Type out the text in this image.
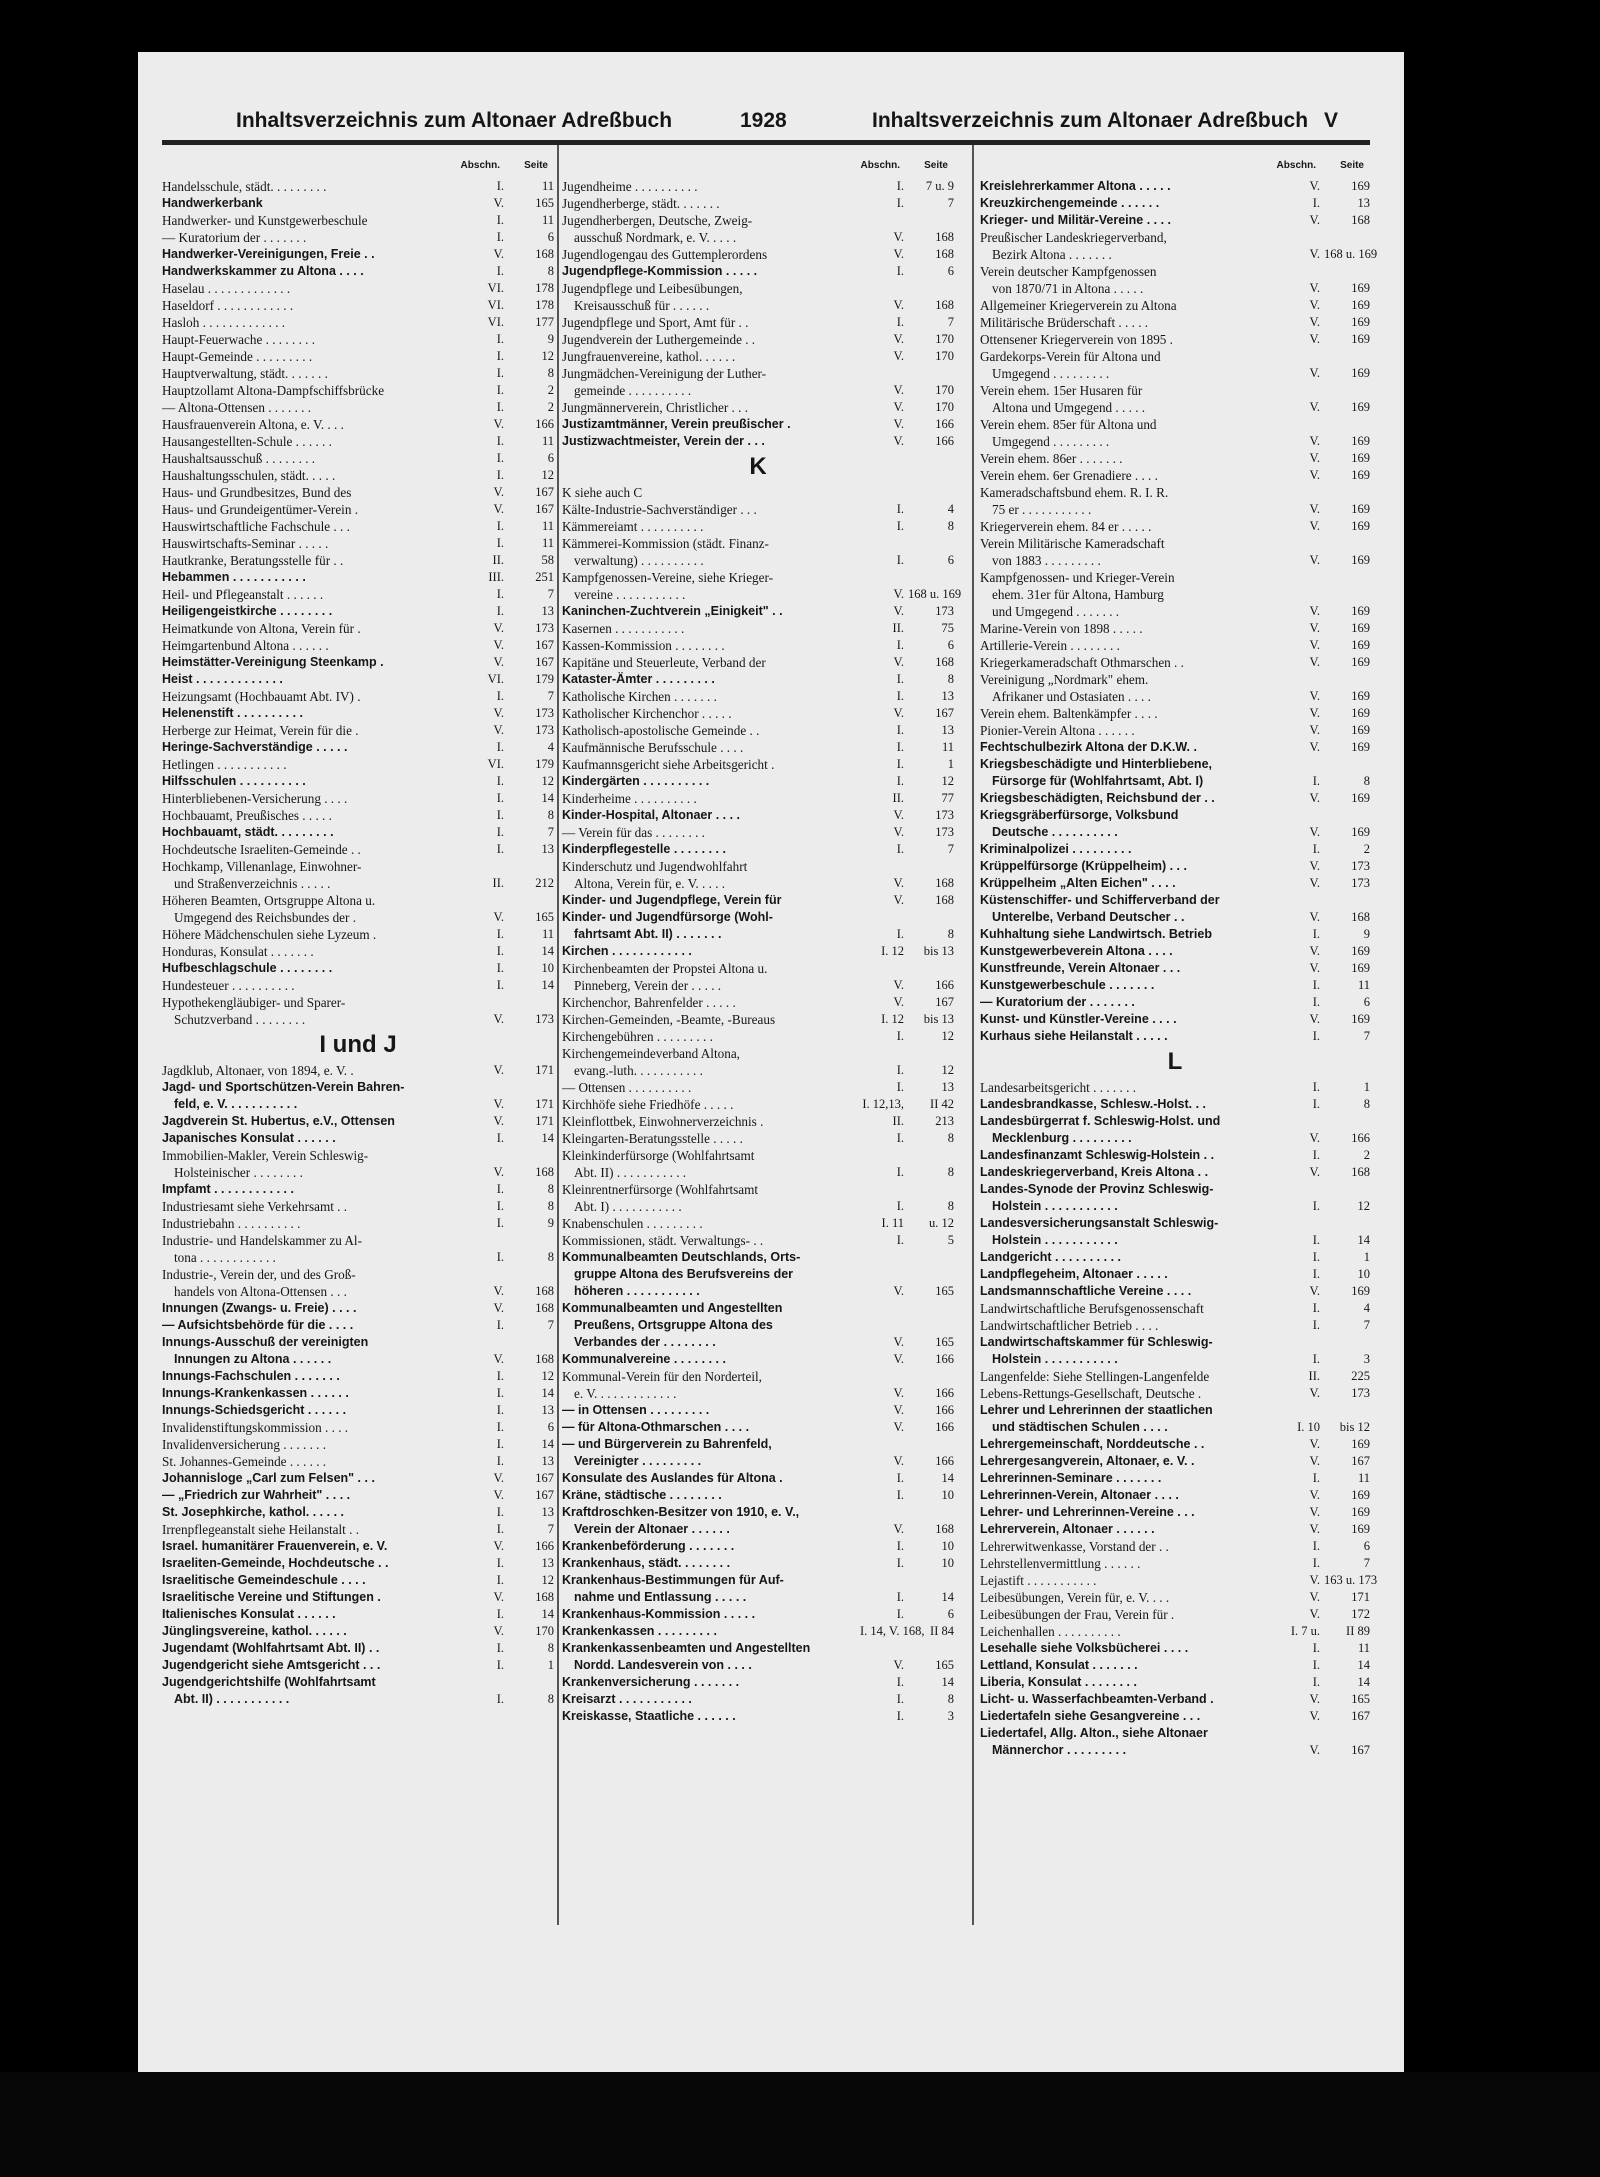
Inhaltsverzeichnis zum Altonaer Adreßbuch	1928	Inhaltsverzeichnis zum Altonaer Adreßbuch V
Abschn. Seite
Handelsschule, städt. . . . . . . . .	I.	11
Handwerkerbank	V.	165
Handwerker- und Kunstgewerbeschule	I.	11
— Kuratorium der . . . . . . .	I.	6
Handwerker-Vereinigungen, Freie . .	V.	168
Handwerkskammer zu Altona . . . .	I.	8
Haselau . . . . . . . . . . . . .	VI.	178
Haseldorf . . . . . . . . . . . .	VI.	178
Hasloh . . . . . . . . . . . . .	VI.	177
Haupt-Feuerwache . . . . . . . .	I.	9
Haupt-Gemeinde . . . . . . . . .	I.	12
Hauptverwaltung, städt. . . . . . .	I.	8
Hauptzollamt Altona-Dampfschiffsbrücke	I.	2
— Altona-Ottensen . . . . . . .	I.	2
Hausfrauenverein Altona, e. V. . . .	V.	166
Hausangestellten-Schule . . . . . .	I.	11
Haushaltsausschuß . . . . . . . .	I.	6
Haushaltungsschulen, städt. . . . .	I.	12
Haus- und Grundbesitzes, Bund des	V.	167
Haus- und Grundeigentümer-Verein .	V.	167
Hauswirtschaftliche Fachschule . . .	I.	11
Hauswirtschafts-Seminar . . . . .	I.	11
Hautkranke, Beratungsstelle für . .	II.	58
Hebammen . . . . . . . . . . .	III.	251
Heil- und Pflegeanstalt . . . . . .	I.	7
Heiligengeistkirche . . . . . . . .	I.	13
Heimatkunde von Altona, Verein für .	V.	173
Heimgartenbund Altona . . . . . .	V.	167
Heimstätter-Vereinigung Steenkamp .	V.	167
Heist . . . . . . . . . . . . .	VI.	179
Heizungsamt (Hochbauamt Abt. IV) .	I.	7
Helenenstift . . . . . . . . . .	V.	173
Herberge zur Heimat, Verein für die .	V.	173
Heringe-Sachverständige . . . . .	I.	4
Hetlingen . . . . . . . . . . .	VI.	179
Hilfsschulen . . . . . . . . . .	I.	12
Hinterbliebenen-Versicherung . . . .	I.	14
Hochbauamt, Preußisches . . . . .	I.	8
Hochbauamt, städt. . . . . . . . .	I.	7
Hochdeutsche Israeliten-Gemeinde . .	I.	13
Hochkamp, Villenanlage, Einwohner-
und Straßenverzeichnis . . . . .	II.	212
Höheren Beamten, Ortsgruppe Altona u.
Umgegend des Reichsbundes der .	V.	165
Höhere Mädchenschulen siehe Lyzeum .	I.	11
Honduras, Konsulat . . . . . . .	I.	14
Hufbeschlagschule . . . . . . . .	I.	10
Hundesteuer . . . . . . . . . .	I.	14
Hypothekengläubiger- und Sparer-
Schutzverband . . . . . . . .	V.	173
I und J
Jagdklub, Altonaer, von 1894, e. V. .	V.	171
Jagd- und Sportschützen-Verein Bahren-
feld, e. V. . . . . . . . . . .	V.	171
Jagdverein St. Hubertus, e.V., Ottensen	V.	171
Japanisches Konsulat . . . . . .	I.	14
Immobilien-Makler, Verein Schleswig-
Holsteinischer . . . . . . . .	V.	168
Impfamt . . . . . . . . . . . .	I.	8
Industriesamt siehe Verkehrsamt . .	I.	8
Industriebahn . . . . . . . . . .	I.	9
Industrie- und Handelskammer zu Al-
tona . . . . . . . . . . . .	I.	8
Industrie-, Verein der, und des Groß-
handels von Altona-Ottensen . . .	V.	168
Innungen (Zwangs- u. Freie) . . . .	V.	168
— Aufsichtsbehörde für die . . . .	I.	7
Innungs-Ausschuß der vereinigten
Innungen zu Altona . . . . . .	V.	168
Innungs-Fachschulen . . . . . . .	I.	12
Innungs-Krankenkassen . . . . . .	I.	14
Innungs-Schiedsgericht . . . . . .	I.	13
Invalidenstiftungskommission . . . .	I.	6
Invalidenversicherung . . . . . . .	I.	14
St. Johannes-Gemeinde . . . . . .	I.	13
Johannisloge „Carl zum Felsen" . . .	V.	167
— „Friedrich zur Wahrheit" . . . .	V.	167
St. Josephkirche, kathol. . . . . .	I.	13
Irrenpflegeanstalt siehe Heilanstalt . .	I.	7
Israel. humanitärer Frauenverein, e. V.	V.	166
Israeliten-Gemeinde, Hochdeutsche . .	I.	13
Israelitische Gemeindeschule . . . .	I.	12
Israelitische Vereine und Stiftungen .	V.	168
Italienisches Konsulat . . . . . .	I.	14
Jünglingsvereine, kathol. . . . . .	V.	170
Jugendamt (Wohlfahrtsamt Abt. II) . .	I.	8
Jugendgericht siehe Amtsgericht . . .	I.	1
Jugendgerichtshilfe (Wohlfahrtsamt
Abt. II) . . . . . . . . . . .	I.	8
Abschn. Seite
Jugendheime . . . . . . . . . .	I.	7 u. 9
Jugendherberge, städt. . . . . . .	I.	7
Jugendherbergen, Deutsche, Zweig-
ausschuß Nordmark, e. V. . . . .	V.	168
Jugendlogengau des Guttemplerordens	V.	168
Jugendpflege-Kommission . . . . .	I.	6
Jugendpflege und Leibesübungen,
Kreisausschuß für . . . . . .	V.	168
Jugendpflege und Sport, Amt für . .	I.	7
Jugendverein der Luthergemeinde . .	V.	170
Jungfrauenvereine, kathol. . . . . .	V.	170
Jungmädchen-Vereinigung der Luther-
gemeinde . . . . . . . . . .	V.	170
Jungmännerverein, Christlicher . . .	V.	170
Justizamtmänner, Verein preußischer .	V.	166
Justizwachtmeister, Verein der . . .	V.	166
K
K siehe auch C
Kälte-Industrie-Sachverständiger . . .	I.	4
Kämmereiamt . . . . . . . . . .	I.	8
Kämmerei-Kommission (städt. Finanz-
verwaltung) . . . . . . . . . .	I.	6
Kampfgenossen-Vereine, siehe Krieger-
vereine . . . . . . . . . . .	V. 168 u. 169
Kaninchen-Zuchtverein „Einigkeit" . .	V.	173
Kasernen . . . . . . . . . . .	II.	75
Kassen-Kommission . . . . . . . .	I.	6
Kapitäne und Steuerleute, Verband der	V.	168
Kataster-Ämter . . . . . . . . .	I.	8
Katholische Kirchen . . . . . . .	I.	13
Katholischer Kirchenchor . . . . .	V.	167
Katholisch-apostolische Gemeinde . .	I.	13
Kaufmännische Berufsschule . . . .	I.	11
Kaufmannsgericht siehe Arbeitsgericht .	I.	1
Kindergärten . . . . . . . . . .	I.	12
Kinderheime . . . . . . . . . .	II.	77
Kinder-Hospital, Altonaer . . . .	V.	173
— Verein für das . . . . . . . .	V.	173
Kinderpflegestelle . . . . . . . .	I.	7
Kinderschutz und Jugendwohlfahrt
Altona, Verein für, e. V. . . . .	V.	168
Kinder- und Jugendpflege, Verein für	V.	168
Kinder- und Jugendfürsorge (Wohl-
fahrtsamt Abt. II) . . . . . . .	I.	8
Kirchen . . . . . . . . . . . .	I. 12	bis 13
Kirchenbeamten der Propstei Altona u.
Pinneberg, Verein der . . . . .	V.	166
Kirchenchor, Bahrenfelder . . . . .	V.	167
Kirchen-Gemeinden, -Beamte, -Bureaus	I. 12	bis 13
Kirchengebühren . . . . . . . . .	I.	12
Kirchengemeindeverband Altona,
evang.-luth. . . . . . . . . . .	I.	12
— Ottensen . . . . . . . . . .	I.	13
Kirchhöfe siehe Friedhöfe . . . . .	I. 12,13,	II 42
Kleinflottbek, Einwohnerverzeichnis .	II.	213
Kleingarten-Beratungsstelle . . . . .	I.	8
Kleinkinderfürsorge (Wohlfahrtsamt
Abt. II) . . . . . . . . . . .	I.	8
Kleinrentnerfürsorge (Wohlfahrtsamt
Abt. I) . . . . . . . . . . .	I.	8
Knabenschulen . . . . . . . . .	I. 11	u. 12
Kommissionen, städt. Verwaltungs- . .	I.	5
Kommunalbeamten Deutschlands, Orts-
gruppe Altona des Berufsvereins der
höheren . . . . . . . . . . .	V.	165
Kommunalbeamten und Angestellten
Preußens, Ortsgruppe Altona des
Verbandes der . . . . . . . .	V.	165
Kommunalvereine . . . . . . . .	V.	166
Kommunal-Verein für den Norderteil,
e. V. . . . . . . . . . . . .	V.	166
— in Ottensen . . . . . . . . .	V.	166
— für Altona-Othmarschen . . . .	V.	166
— und Bürgerverein zu Bahrenfeld,
Vereinigter . . . . . . . . .	V.	166
Konsulate des Auslandes für Altona .	I.	14
Kräne, städtische . . . . . . . .	I.	10
Kraftdroschken-Besitzer von 1910, e. V.,
Verein der Altonaer . . . . . .	V.	168
Krankenbeförderung . . . . . . .	I.	10
Krankenhaus, städt. . . . . . . .	I.	10
Krankenhaus-Bestimmungen für Auf-
nahme und Entlassung . . . . .	I.	14
Krankenhaus-Kommission . . . . .	I.	6
Krankenkassen . . . . . . . . .	I. 14, V. 168, II 84
Krankenkassenbeamten und Angestellten
Nordd. Landesverein von . . . .	V.	165
Krankenversicherung . . . . . . .	I.	14
Kreisarzt . . . . . . . . . . .	I.	8
Kreiskasse, Staatliche . . . . . .	I.	3
Abschn. Seite
Kreislehrerkammer Altona . . . . .	V.	169
Kreuzkirchengemeinde . . . . . .	I.	13
Krieger- und Militär-Vereine . . . .	V.	168
Preußischer Landeskriegerverband,
Bezirk Altona . . . . . . .	V. 168 u. 169
Verein deutscher Kampfgenossen
von 1870/71 in Altona . . . . .	V.	169
Allgemeiner Kriegerverein zu Altona	V.	169
Militärische Brüderschaft . . . . .	V.	169
Ottensener Kriegerverein von 1895 .	V.	169
Gardekorps-Verein für Altona und
Umgegend . . . . . . . . .	V.	169
Verein ehem. 15er Husaren für
Altona und Umgegend . . . . .	V.	169
Verein ehem. 85er für Altona und
Umgegend . . . . . . . . .	V.	169
Verein ehem. 86er . . . . . . .	V.	169
Verein ehem. 6er Grenadiere . . . .	V.	169
Kameradschaftsbund ehem. R. I. R.
75 er . . . . . . . . . . .	V.	169
Kriegerverein ehem. 84 er . . . . .	V.	169
Verein Militärische Kameradschaft
von 1883 . . . . . . . . .	V.	169
Kampfgenossen- und Krieger-Verein
ehem. 31er für Altona, Hamburg
und Umgegend . . . . . . .	V.	169
Marine-Verein von 1898 . . . . .	V.	169
Artillerie-Verein . . . . . . . .	V.	169
Kriegerkameradschaft Othmarschen . .	V.	169
Vereinigung „Nordmark" ehem.
Afrikaner und Ostasiaten . . . .	V.	169
Verein ehem. Baltenkämpfer . . . .	V.	169
Pionier-Verein Altona . . . . . .	V.	169
Fechtschulbezirk Altona der D.K.W. .	V.	169
Kriegsbeschädigte und Hinterbliebene,
Fürsorge für (Wohlfahrtsamt, Abt. I)	I.	8
Kriegsbeschädigten, Reichsbund der . .	V.	169
Kriegsgräberfürsorge, Volksbund
Deutsche . . . . . . . . . .	V.	169
Kriminalpolizei . . . . . . . . .	I.	2
Krüppelfürsorge (Krüppelheim) . . .	V.	173
Krüppelheim „Alten Eichen" . . . .	V.	173
Küstenschiffer- und Schifferverband der
Unterelbe, Verband Deutscher . .	V.	168
Kuhhaltung siehe Landwirtsch. Betrieb	I.	9
Kunstgewerbeverein Altona . . . .	V.	169
Kunstfreunde, Verein Altonaer . . .	V.	169
Kunstgewerbeschule . . . . . . .	I.	11
— Kuratorium der . . . . . . .	I.	6
Kunst- und Künstler-Vereine . . . .	V.	169
Kurhaus siehe Heilanstalt . . . . .	I.	7
L
Landesarbeitsgericht . . . . . . .	I.	1
Landesbrandkasse, Schlesw.-Holst. . .	I.	8
Landesbürgerrat f. Schleswig-Holst. und
Mecklenburg . . . . . . . . .	V.	166
Landesfinanzamt Schleswig-Holstein . .	I.	2
Landeskriegerverband, Kreis Altona . .	V.	168
Landes-Synode der Provinz Schleswig-
Holstein . . . . . . . . . . .	I.	12
Landesversicherungsanstalt Schleswig-
Holstein . . . . . . . . . . .	I.	14
Landgericht . . . . . . . . . .	I.	1
Landpflegeheim, Altonaer . . . . .	I.	10
Landsmannschaftliche Vereine . . . .	V.	169
Landwirtschaftliche Berufsgenossenschaft	I.	4
Landwirtschaftlicher Betrieb . . . .	I.	7
Landwirtschaftskammer für Schleswig-
Holstein . . . . . . . . . . .	I.	3
Langenfelde: Siehe Stellingen-Langenfelde	II.	225
Lebens-Rettungs-Gesellschaft, Deutsche .	V.	173
Lehrer und Lehrerinnen der staatlichen
und städtischen Schulen . . . .	I. 10	bis 12
Lehrergemeinschaft, Norddeutsche . .	V.	169
Lehrergesangverein, Altonaer, e. V. .	V.	167
Lehrerinnen-Seminare . . . . . . .	I.	11
Lehrerinnen-Verein, Altonaer . . . .	V.	169
Lehrer- und Lehrerinnen-Vereine . . .	V.	169
Lehrerverein, Altonaer . . . . . .	V.	169
Lehrerwitwenkasse, Vorstand der . .	I.	6
Lehrstellenvermittlung . . . . . .	I.	7
Lejastift . . . . . . . . . . .	V. 163 u. 173
Leibesübungen, Verein für, e. V. . . .	V.	171
Leibesübungen der Frau, Verein für .	V.	172
Leichenhallen . . . . . . . . . .	I. 7 u.	II 89
Lesehalle siehe Volksbücherei . . . .	I.	11
Lettland, Konsulat . . . . . . .	I.	14
Liberia, Konsulat . . . . . . . .	I.	14
Licht- u. Wasserfachbeamten-Verband .	V.	165
Liedertafeln siehe Gesangvereine . . .	V.	167
Liedertafel, Allg. Alton., siehe Altonaer
Männerchor . . . . . . . . .	V.	167
